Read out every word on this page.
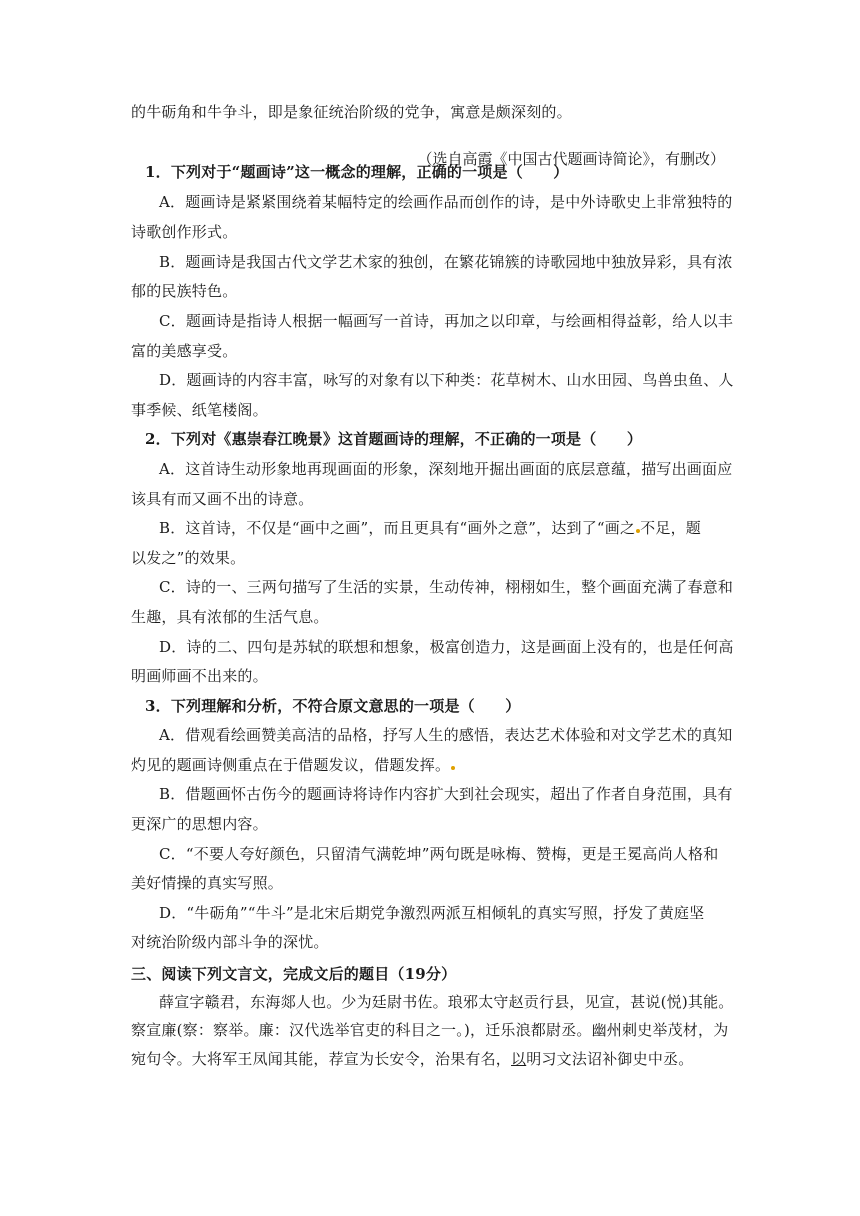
的牛砺角和牛争斗，即是象征统治阶级的党争，寓意是颇深刻的。

（选自高霞《中国古代题画诗简论》，有删改）

1．下列对于“题画诗”这一概念的理解，正确的一项是（　　）

A．题画诗是紧紧围绕着某幅特定的绘画作品而创作的诗，是中外诗歌史上非常独特的

诗歌创作形式。

B．题画诗是我国古代文学艺术家的独创，在繁花锦簇的诗歌园地中独放异彩，具有浓

郁的民族特色。

C．题画诗是指诗人根据一幅画写一首诗，再加之以印章，与绘画相得益彰，给人以丰

富的美感享受。

D．题画诗的内容丰富，咏写的对象有以下种类：花草树木、山水田园、鸟兽虫鱼、人

事季候、纸笔楼阁。

2．下列对《惠崇春江晚景》这首题画诗的理解，不正确的一项是（　　）

A．这首诗生动形象地再现画面的形象，深刻地开掘出画面的底层意蕴，描写出画面应

该具有而又画不出的诗意。

B．这首诗，不仅是“画中之画”，而且更具有“画外之意”，达到了“画之 不足，题

以发之”的效果。

C．诗的一、三两句描写了生活的实景，生动传神，栩栩如生，整个画面充满了春意和

生趣，具有浓郁的生活气息。

D．诗的二、四句是苏轼的联想和想象，极富创造力，这是画面上没有的，也是任何高

明画师画不出来的。

3．下列理解和分析，不符合原文意思的一项是（　　）

A．借观看绘画赞美高洁的品格，抒写人生的感悟，表达艺术体验和对文学艺术的真知

灼见的题画诗侧重点在于借题发议，借题发挥。

B．借题画怀古伤今的题画诗将诗作内容扩大到社会现实，超出了作者自身范围，具有

更深广的思想内容。

C．“不要人夸好颜色，只留清气满乾坤”两句既是咏梅、赞梅，更是王冕高尚人格和

美好情操的真实写照。

D．“牛砺角”“牛斗”是北宋后期党争激烈两派互相倾轧的真实写照，抒发了黄庭坚

对统治阶级内部斗争的深忧。

三、阅读下列文言文，完成文后的题目（19分）

薛宣字赣君，东海郯人也。少为廷尉书佐。琅邪太守赵贡行县，见宣，甚说(悦)其能。

察宣廉(察：察举。廉：汉代选举官吏的科目之一。)，迁乐浪都尉丞。幽州刺史举茂材，为

宛句令。大将军王凤闻其能，荐宣为长安令，治果有名，以明习文法诏补御史中丞。
